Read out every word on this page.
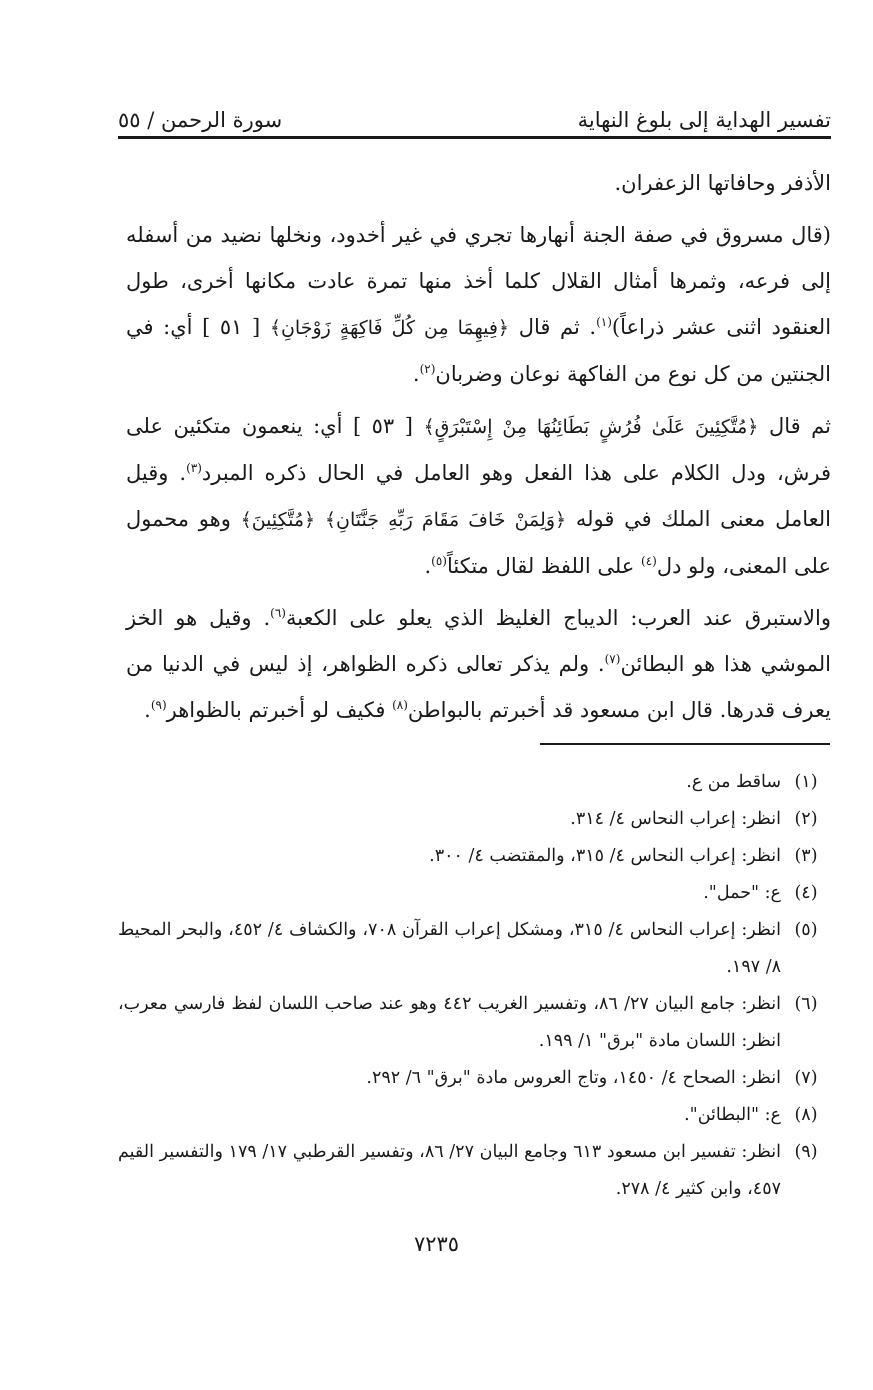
تفسير الهداية إلى بلوغ النهاية
سورة الرحمن / ٥٥

الأذفر وحافاتها الزعفران.

(قال مسروق في صفة الجنة أنهارها تجري في غير أخدود، ونخلها نضيد من أسفله إلى فرعه، وثمرها أمثال القلال كلما أخذ منها تمرة عادت مكانها أخرى، طول العنقود اثنى عشر ذراعاً)$^{(١)}$. ثم قال ﴿فِيهِمَا مِن كُلِّ فَاكِهَةٍ زَوْجَانِ﴾ [ ٥١ ] أي: في الجنتين من كل نوع من الفاكهة نوعان وضربان$^{(٢)}$.

ثم قال ﴿مُتَّكِئِينَ عَلَىٰ فُرُشٍ بَطَائِنُهَا مِنْ إِسْتَبْرَقٍ﴾ [ ٥٣ ] أي: ينعمون متكئين على فرش، ودل الكلام على هذا الفعل وهو العامل في الحال ذكره المبرد$^{(٣)}$. وقيل العامل معنى الملك في قوله ﴿وَلِمَنْ خَافَ مَقَامَ رَبِّهِ جَنَّتَانِ﴾ ﴿مُتَّكِئِينَ﴾ وهو محمول على المعنى، ولو دل$^{(٤)}$ على اللفظ لقال متكئاً$^{(٥)}$.

والاستبرق عند العرب: الديباج الغليظ الذي يعلو على الكعبة$^{(٦)}$. وقيل هو الخز الموشي هذا هو البطائن$^{(٧)}$. ولم يذكر تعالى ذكره الظواهر، إذ ليس في الدنيا من يعرف قدرها. قال ابن مسعود قد أخبرتم بالبواطن$^{(٨)}$ فكيف لو أخبرتم بالظواهر$^{(٩)}$.

(١)
ساقط من ع.
(٢)
انظر: إعراب النحاس ٤/ ٣١٤.
(٣)
انظر: إعراب النحاس ٤/ ٣١٥، والمقتضب ٤/ ٣٠٠.
(٤)
ع: "حمل".
(٥)
انظر: إعراب النحاس ٤/ ٣١٥، ومشكل إعراب القرآن ٧٠٨، والكشاف ٤/ ٤٥٢، والبحر المحيط ٨/ ١٩٧.
(٦)
انظر: جامع البيان ٢٧/ ٨٦، وتفسير الغريب ٤٤٢ وهو عند صاحب اللسان لفظ فارسي معرب، انظر: اللسان مادة "برق" ١/ ١٩٩.
(٧)
انظر: الصحاح ٤/ ١٤٥٠، وتاج العروس مادة "برق" ٦/ ٢٩٢.
(٨)
ع: "البطائن".
(٩)
انظر: تفسير ابن مسعود ٦١٣ وجامع البيان ٢٧/ ٨٦، وتفسير القرطبي ١٧/ ١٧٩ والتفسير القيم ٤٥٧، وابن كثير ٤/ ٢٧٨.
٧٢٣٥
